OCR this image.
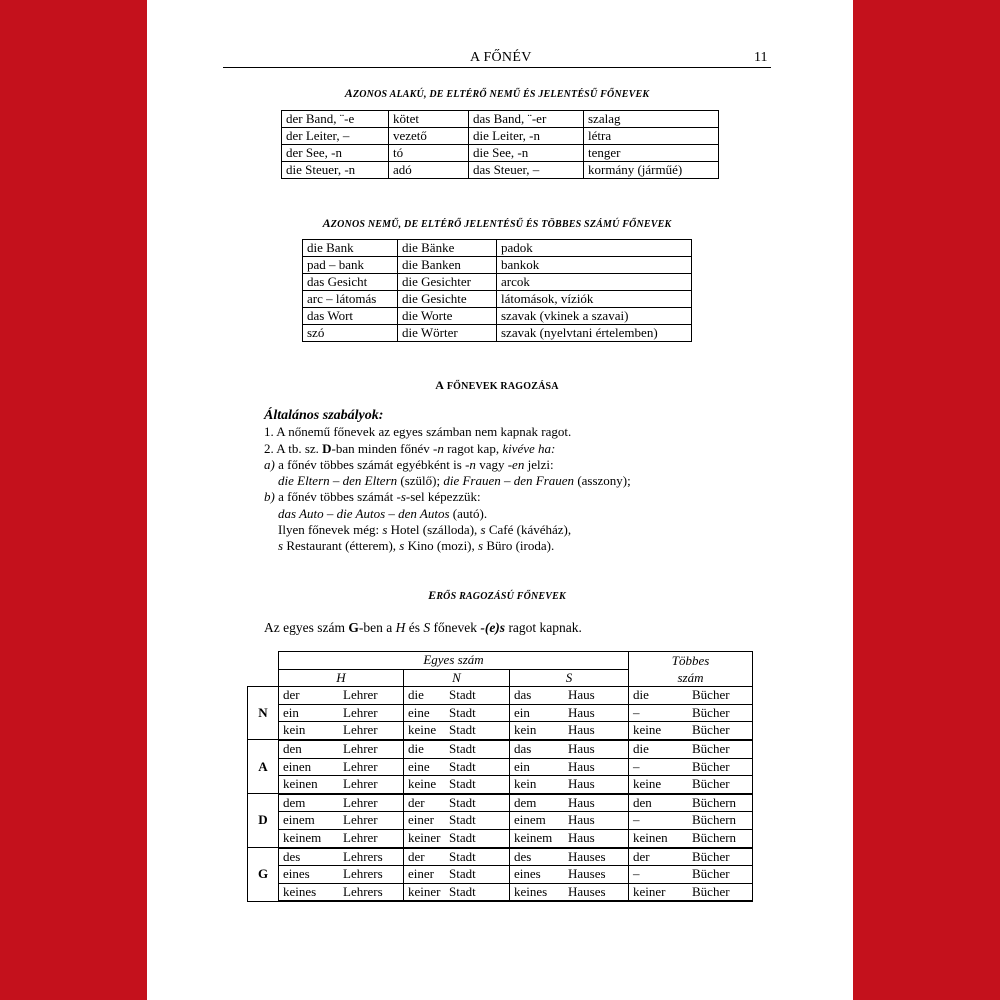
A FŐNÉV	11
AZONOS ALAKÚ, DE ELTÉRŐ NEMŰ ÉS JELENTÉSŰ FŐNEVEK
der Band, ¨-e	kötet	das Band, ¨-er	szalag
der Leiter, –	vezető	die Leiter, -n	létra
der See, -n	tó	die See, -n	tenger
die Steuer, -n	adó	das Steuer, –	kormány (járműé)
AZONOS NEMŰ, DE ELTÉRŐ JELENTÉSŰ ÉS TÖBBES SZÁMÚ FŐNEVEK
die Bank	die Bänke	padok
pad – bank	die Banken	bankok
das Gesicht	die Gesichter	arcok
arc – látomás	die Gesichte	látomások, víziók
das Wort	die Worte	szavak (vkinek a szavai)
szó	die Wörter	szavak (nyelvtani értelemben)
A FŐNEVEK RAGOZÁSA
Általános szabályok:
1. A nőnemű főnevek az egyes számban nem kapnak ragot.
2. A tb. sz. D-ban minden főnév -n ragot kap, kivéve ha:
a) a főnév többes számát egyébként is -n vagy -en jelzi:
die Eltern – den Eltern (szülő); die Frauen – den Frauen (asszony);
b) a főnév többes számát -s-sel képezzük:
das Auto – die Autos – den Autos (autó).
Ilyen főnevek még: s Hotel (szálloda), s Café (kávéház),
s Restaurant (étterem), s Kino (mozi), s Büro (iroda).
ERŐS RAGOZÁSÚ FŐNEVEK
Az egyes szám G-ben a H és S főnevek -(e)s ragot kapnak.
	Egyes szám			Többes
szám
	H	N	S	
N	der Lehrer	die Stadt	das Haus	die Bücher

	ein Lehrer	eine Stadt	ein Haus	– Bücher

	kein Lehrer	keine Stadt	kein Haus	keine Bücher

A	den Lehrer	die Stadt	das Haus	die Bücher

	einen Lehrer	eine Stadt	ein Haus	– Bücher

	keinen Lehrer	keine Stadt	kein Haus	keine Bücher

D	dem Lehrer	der Stadt	dem Haus	den Büchern

	einem Lehrer	einer Stadt	einem Haus	– Büchern

	keinem Lehrer	keiner Stadt	keinem Haus	keinen Büchern

G	des Lehrers	der Stadt	des Hauses	der Bücher

	eines Lehrers	einer Stadt	eines Hauses	– Bücher

	keines Lehrers	keiner Stadt	keines Hauses	keiner Bücher
